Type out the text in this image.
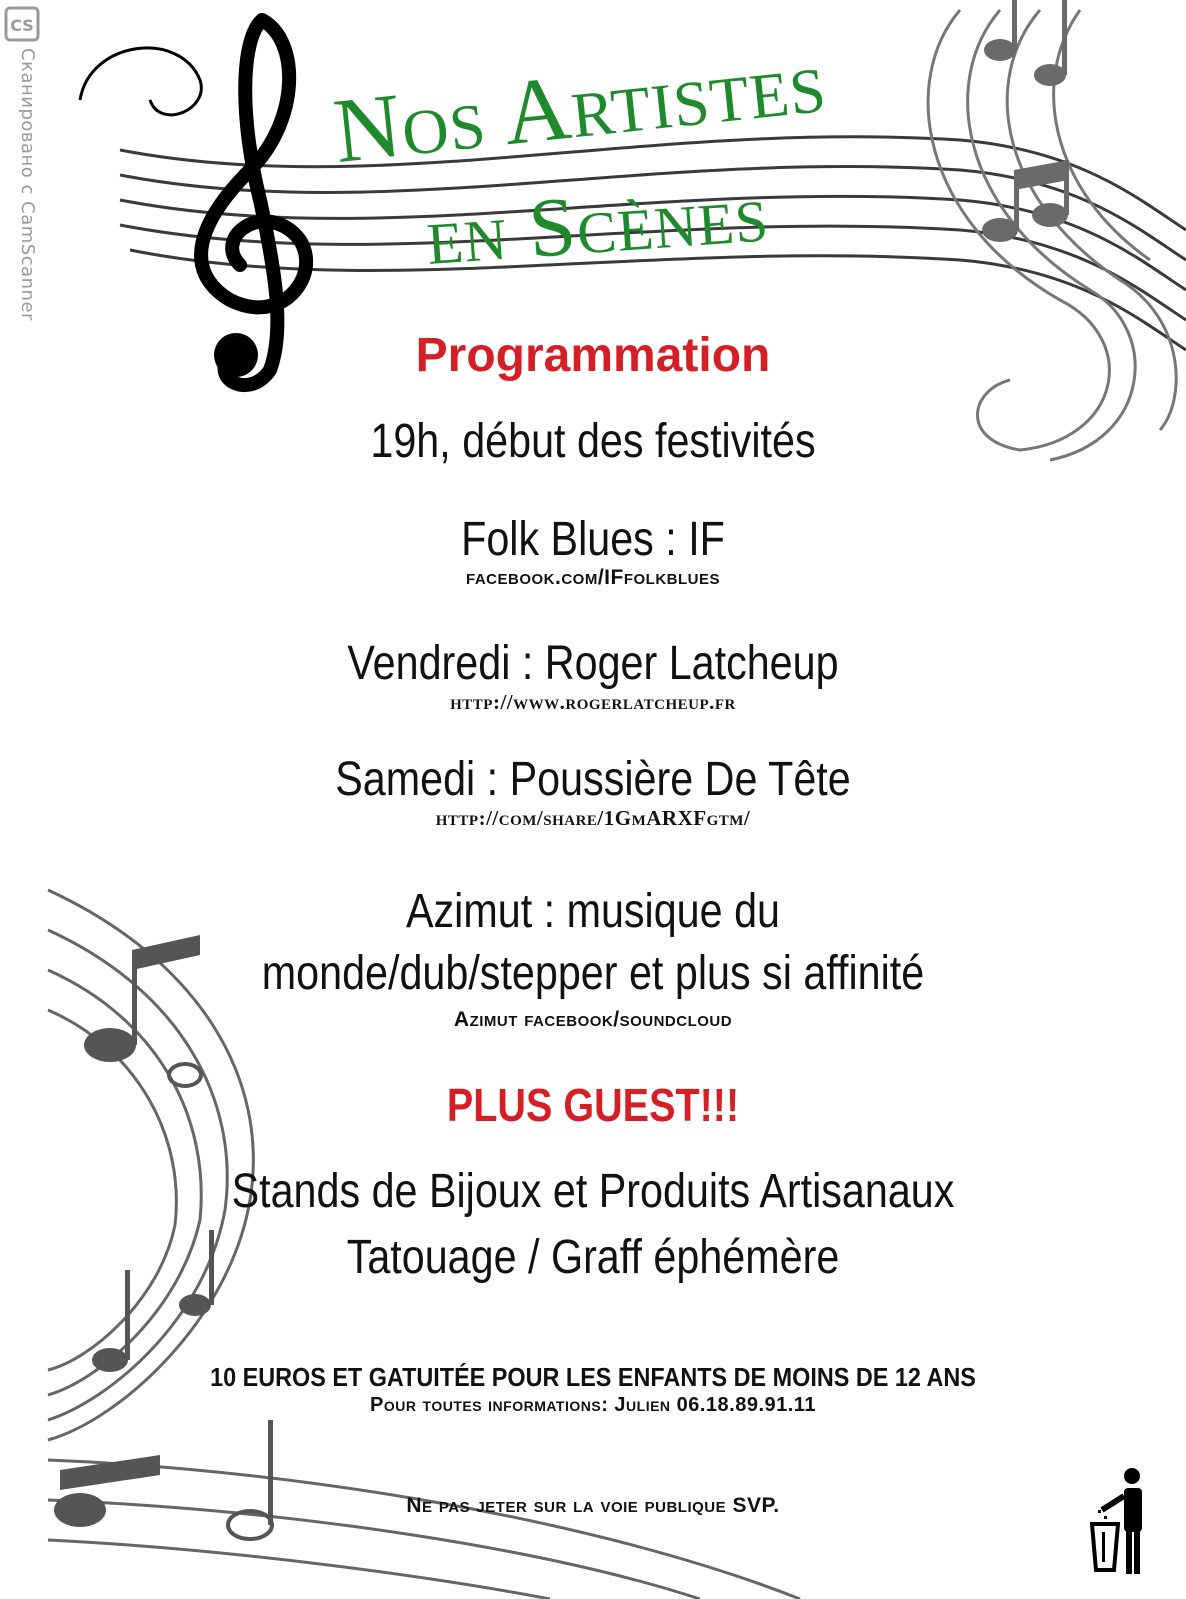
CS
Сканировано с CamScanner	Nos Artistes
en Scènes
Programmation
19h, début des festivités
Folk Blues : IF
facebook.com/IFfolkblues
Vendredi : Roger Latcheup
http://www.rogerlatcheup.fr
Samedi : Poussière De Tête
http://com/share/1GmARXFgtm/
Azimut : musique du
monde/dub/stepper et plus si affinité
Azimut facebook/soundcloud
PLUS GUEST!!!
Stands de Bijoux et Produits Artisanaux
Tatouage / Graff éphémère
10 EUROS ET GATUITÉE POUR LES ENFANTS DE MOINS DE 12 ANS
Pour toutes informations: Julien 06.18.89.91.11
Ne pas jeter sur la voie publique SVP.
